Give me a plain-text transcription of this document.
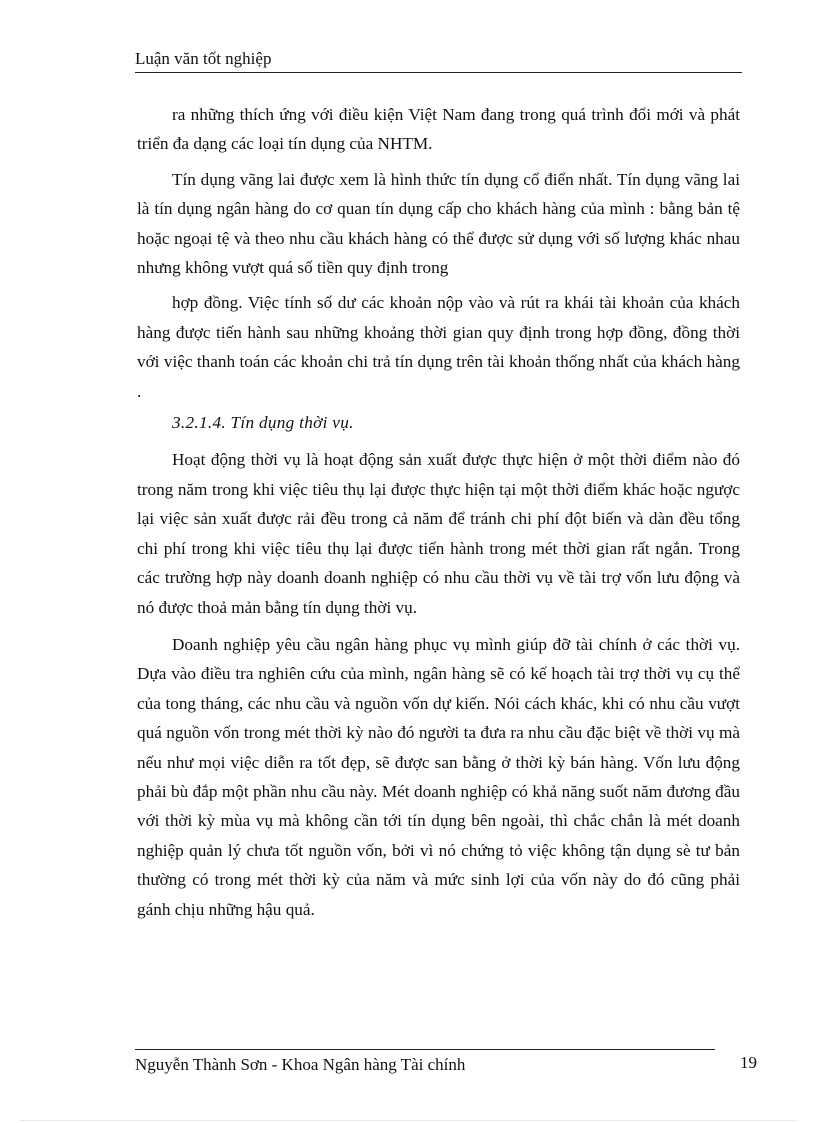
Luận văn tốt nghiệp

ra những thích ứng với điều kiện Việt Nam đang trong quá trình đổi mới và phát triển đa dạng các loại tín dụng của NHTM.

Tín dụng vãng lai được xem là hình thức tín dụng cổ điển nhất. Tín dụng vãng lai là tín dụng ngân hàng do cơ quan tín dụng cấp cho khách hàng của mình : bằng bản tệ hoặc ngoại tệ và theo nhu cầu khách hàng có thể được sử dụng với số lượng khác nhau nhưng không vượt quá số tiền quy định trong

hợp đồng. Việc tính số dư các khoản nộp vào và rút ra khái tài khoản của khách hàng được tiến hành sau những khoảng thời gian quy định trong hợp đồng, đồng thời với việc thanh toán các khoản chi trả tín dụng trên tài khoản thống nhất của khách hàng .

3.2.1.4. Tín dụng thời vụ.

Hoạt động thời vụ là hoạt động sản xuất được thực hiện ở một thời điểm nào đó trong năm trong khi việc tiêu thụ lại được thực hiện tại một thời điểm khác hoặc ngược lại việc sản xuất được rải đều trong cả năm để tránh chi phí đột biến và dàn đều tổng chi phí trong khi việc tiêu thụ lại được tiến hành trong mét thời gian rất ngắn. Trong các trường hợp này doanh doanh nghiệp có nhu cầu thời vụ về tài trợ vốn lưu động và nó được thoả mản bằng tín dụng thời vụ.

Doanh nghiệp yêu cầu ngân hàng phục vụ mình giúp đỡ tài chính ở các thời vụ. Dựa vào điều tra nghiên cứu của mình, ngân hàng sẽ có kế hoạch tài trợ thời vụ cụ thể của tong tháng, các nhu cầu và nguồn vốn dự kiến. Nói cách khác, khi có nhu cầu vượt quá nguồn vốn trong mét thời kỳ nào đó người ta đưa ra nhu cầu đặc biệt về thời vụ mà nếu như mọi việc diễn ra tốt đẹp, sẽ được san bằng ở thời kỳ bán hàng. Vốn lưu động phải bù đắp một phần nhu cầu này. Mét doanh nghiệp có khả năng suốt năm đương đầu với thời kỳ mùa vụ mà không cần tới tín dụng bên ngoài, thì chắc chắn là mét doanh nghiệp quản lý chưa tốt nguồn vốn, bởi vì nó chứng tỏ việc không tận dụng sè tư bản thường có trong mét thời kỳ của năm và mức sinh lợi của vốn này do đó cũng phải gánh chịu những hậu quả.

Nguyễn Thành Sơn - Khoa Ngân hàng Tài chính	19
